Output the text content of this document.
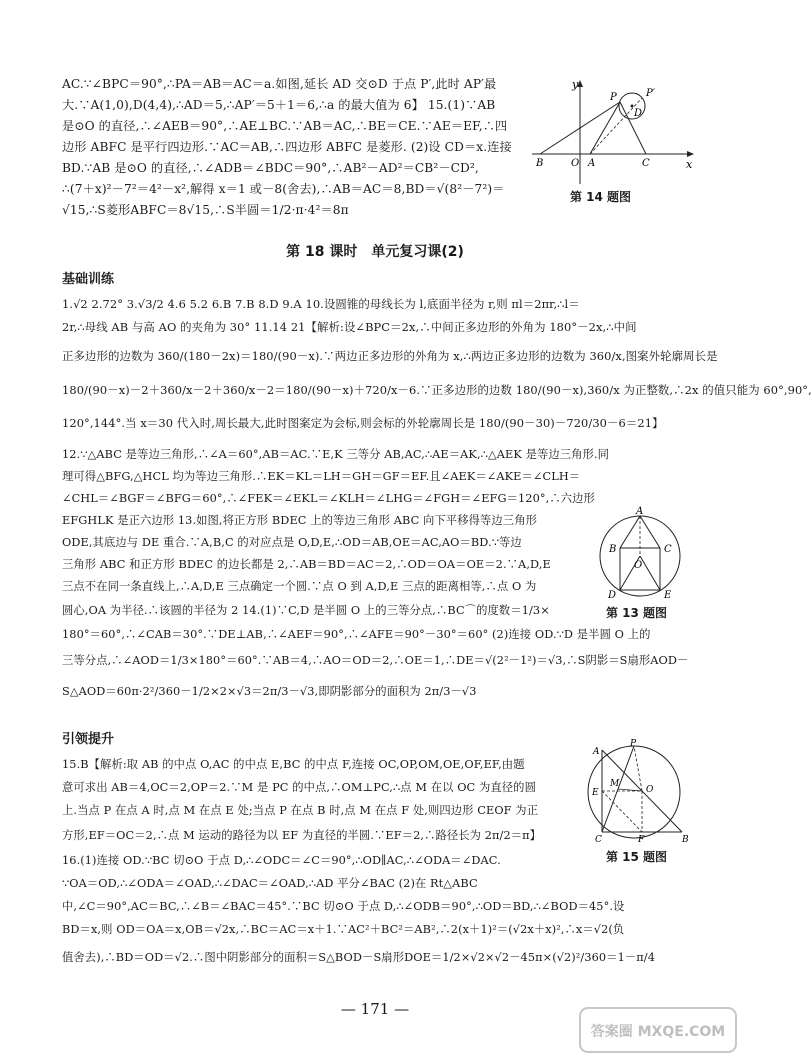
AC.∵∠BPC＝90°,∴PA＝AB＝AC＝a.如图,延长 AD 交⊙D 于点 P′,此时 AP′最
大.∵A(1,0),D(4,4),∴AD＝5,∴AP′＝5＋1＝6,∴a 的最大值为 6】 15.(1)∵AB
是⊙O 的直径,∴∠AEB＝90°,∴AE⊥BC.∵AB＝AC,∴BE＝CE.∵AE＝EF,∴四
边形 ABFC 是平行四边形.∵AC＝AB,∴四边形 ABFC 是菱形. (2)设 CD＝x.连接
BD.∵AB 是⊙O 的直径,∴∠ADB＝∠BDC＝90°,∴AB²－AD²＝CB²－CD²,
∴(7＋x)²－7²＝4²－x²,解得 x＝1 或－8(舍去),∴AB＝AC＝8,BD＝√(8²－7²)＝
√15,∴S菱形ABFC＝8√15,∴S半圆＝1/2·π·4²＝8π
y
x
P	P′
D
B	O A	C
第 14 题图
第 18 课时　单元复习课(2)
基础训练
1.√2 2.72° 3.√3/2 4.6 5.2 6.B 7.B 8.D 9.A 10.设圆锥的母线长为 l,底面半径为 r,则 πl＝2πr,∴l＝
2r,∴母线 AB 与高 AO 的夹角为 30° 11.14 21【解析:设∠BPC＝2x,∴中间正多边形的外角为 180°－2x,∴中间
正多边形的边数为 360/(180－2x)＝180/(90－x).∵两边正多边形的外角为 x,∴两边正多边形的边数为 360/x,图案外轮廓周长是
180/(90－x)－2＋360/x－2＋360/x－2＝180/(90－x)＋720/x－6.∵正多边形的边数 180/(90－x),360/x 为正整数,∴2x 的值只能为 60°,90°,
120°,144°.当 x＝30 代入时,周长最大,此时图案定为会标,则会标的外轮廓周长是 180/(90－30)－720/30－6＝21】
12.∵△ABC 是等边三角形,∴∠A＝60°,AB＝AC.∵E,K 三等分 AB,AC,∴AE＝AK,∴△AEK 是等边三角形.同
理可得△BFG,△HCL 均为等边三角形.∴EK＝KL＝LH＝GH＝GF＝EF.且∠AEK＝∠AKE＝∠CLH＝
∠CHL＝∠BGF＝∠BFG＝60°,∴∠FEK＝∠EKL＝∠KLH＝∠LHG＝∠FGH＝∠EFG＝120°,∴六边形
EFGHLK 是正六边形 13.如图,将正方形 BDEC 上的等边三角形 ABC 向下平移得等边三角形
ODE,其底边与 DE 重合.∵A,B,C 的对应点是 O,D,E,∴OD＝AB,OE＝AC,AO＝BD.∵等边
三角形 ABC 和正方形 BDEC 的边长都是 2,∴AB＝BD＝AC＝2,∴OD＝OA＝OE＝2.∵A,D,E
三点不在同一条直线上,∴A,D,E 三点确定一个圆.∵点 O 到 A,D,E 三点的距离相等,∴点 O 为
圆心,OA 为半径.∴该圆的半径为 2 14.(1)∵C,D 是半圆 O 上的三等分点,∴BC⌒的度数＝1/3×
180°＝60°,∴∠CAB＝30°.∵DE⊥AB,∴∠AEF＝90°,∴∠AFE＝90°－30°＝60° (2)连接 OD.∵D 是半圆 O 上的
三等分点,∴∠AOD＝1/3×180°＝60°.∵AB＝4,∴AO＝OD＝2,∴OE＝1,∴DE＝√(2²－1²)＝√3,∴S阴影＝S扇形AOD－
S△AOD＝60π·2²/360－1/2×2×√3＝2π/3－√3,即阴影部分的面积为 2π/3－√3
A
B	C
O
D	E
第 13 题图
引领提升
15.B【解析:取 AB 的中点 O,AC 的中点 E,BC 的中点 F,连接 OC,OP,OM,OE,OF,EF,由题
意可求出 AB＝4,OC＝2,OP＝2.∵M 是 PC 的中点,∴OM⊥PC,∴点 M 在以 OC 为直径的圆
上.当点 P 在点 A 时,点 M 在点 E 处;当点 P 在点 B 时,点 M 在点 F 处,则四边形 CEOF 为正
方形,EF＝OC＝2,∴点 M 运动的路径为以 EF 为直径的半圆.∵EF＝2,∴路径长为 2π/2＝π】
16.(1)连接 OD.∵BC 切⊙O 于点 D,∴∠ODC＝∠C＝90°,∴OD∥AC,∴∠ODA＝∠DAC.
∵OA＝OD,∴∠ODA＝∠OAD,∴∠DAC＝∠OAD,∴AD 平分∠BAC (2)在 Rt△ABC
中,∠C＝90°,AC＝BC,∴∠B＝∠BAC＝45°.∵BC 切⊙O 于点 D,∴∠ODB＝90°,∴OD＝BD,∴∠BOD＝45°.设
BD＝x,则 OD＝OA＝x,OB＝√2x,∴BC＝AC＝x＋1.∵AC²＋BC²＝AB²,∴2(x＋1)²＝(√2x＋x)²,∴x＝√2(负
值舍去),∴BD＝OD＝√2.∴图中阴影部分的面积＝S△BOD－S扇形DOE＝1/2×√2×√2－45π×(√2)²/360＝1－π/4
P
A
E
M
O
C	F	B
第 15 题图
— 171 —
答案圈 MXQE.COM
